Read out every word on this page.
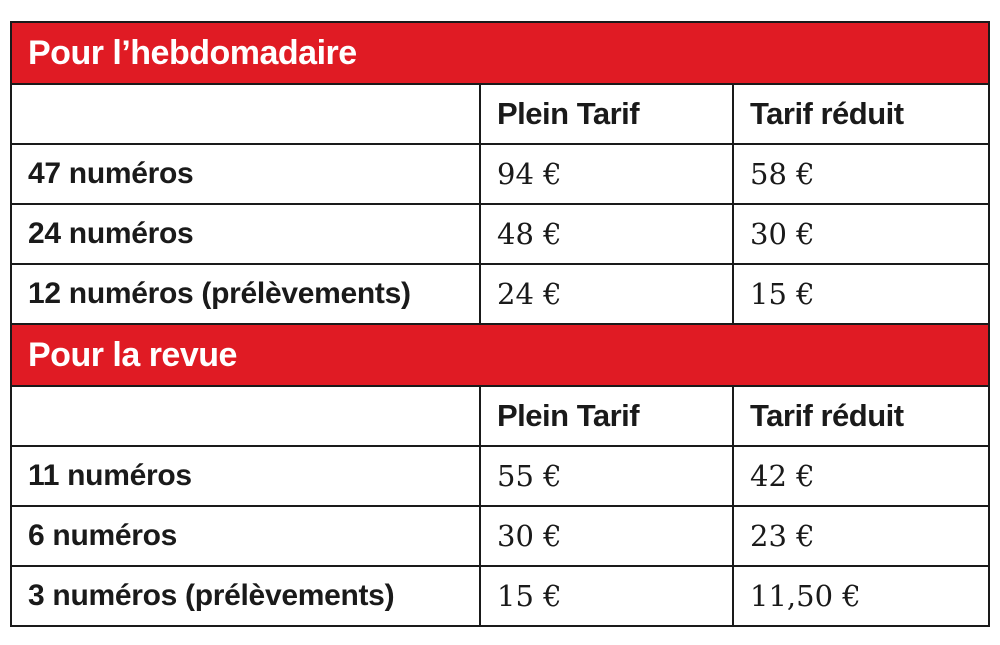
Pour l’hebdomadaire		
	Plein Tarif	Tarif réduit
47 numéros	94 €	58 €
24 numéros	48 €	30 €
12 numéros (prélèvements)	24 €	15 €
Pour la revue		
	Plein Tarif	Tarif réduit
11 numéros	55 €	42 €
6 numéros	30 €	23 €
3 numéros (prélèvements)	15 €	11,50 €
